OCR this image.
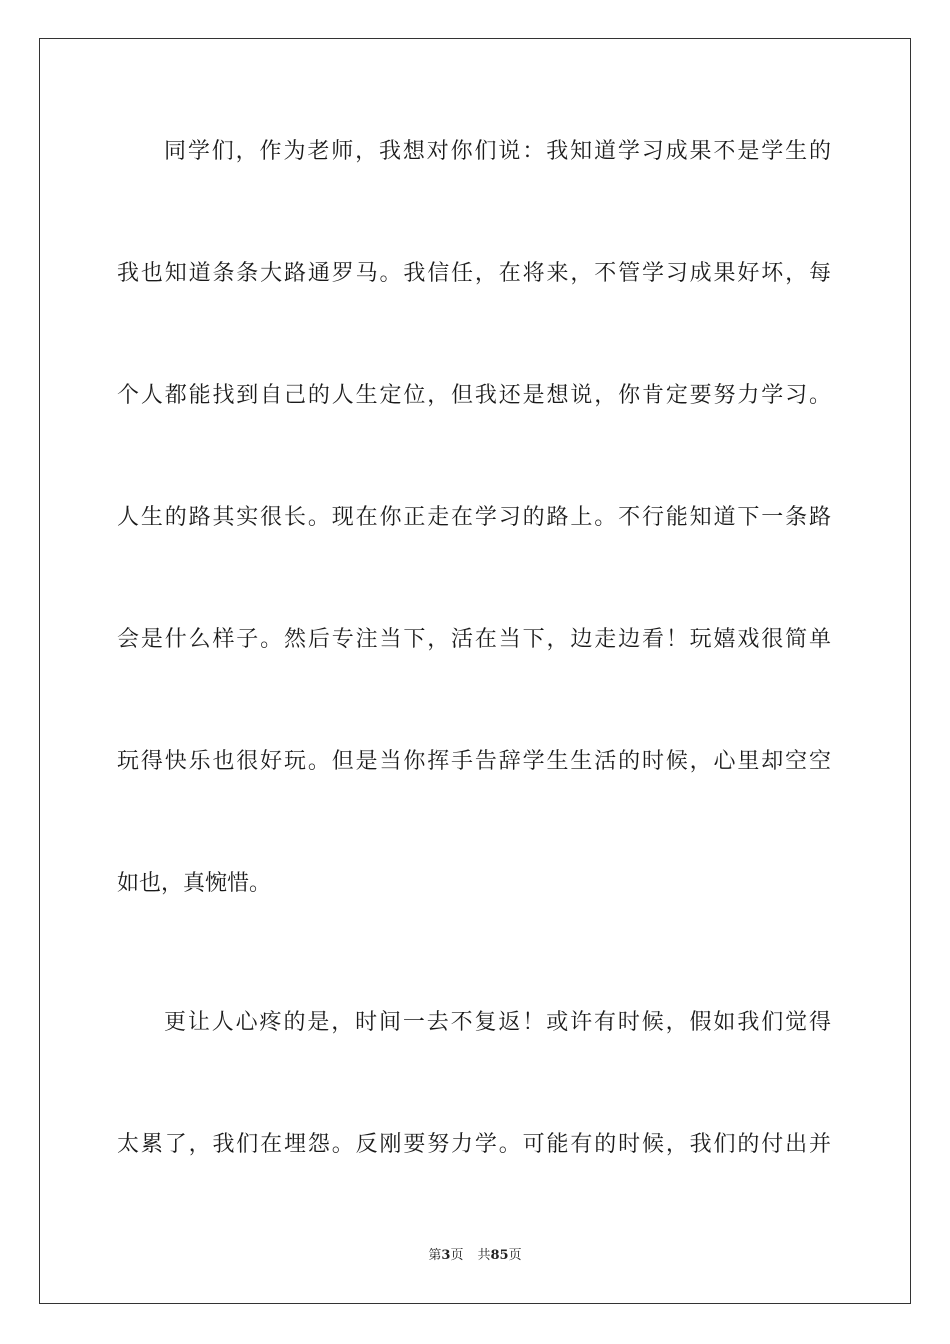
同学们，作为老师，我想对你们说：我知道学习成果不是学生的
我也知道条条大路通罗马。我信任，在将来，不管学习成果好坏，每
个人都能找到自己的人生定位，但我还是想说，你肯定要努力学习。
人生的路其实很长。现在你正走在学习的路上。不行能知道下一条路
会是什么样子。然后专注当下，活在当下，边走边看！玩嬉戏很简单
玩得快乐也很好玩。但是当你挥手告辞学生生活的时候，心里却空空
如也，真惋惜。
更让人心疼的是，时间一去不复返！或许有时候，假如我们觉得
太累了，我们在埋怨。反刚要努力学。可能有的时候，我们的付出并
第3页 共85页
